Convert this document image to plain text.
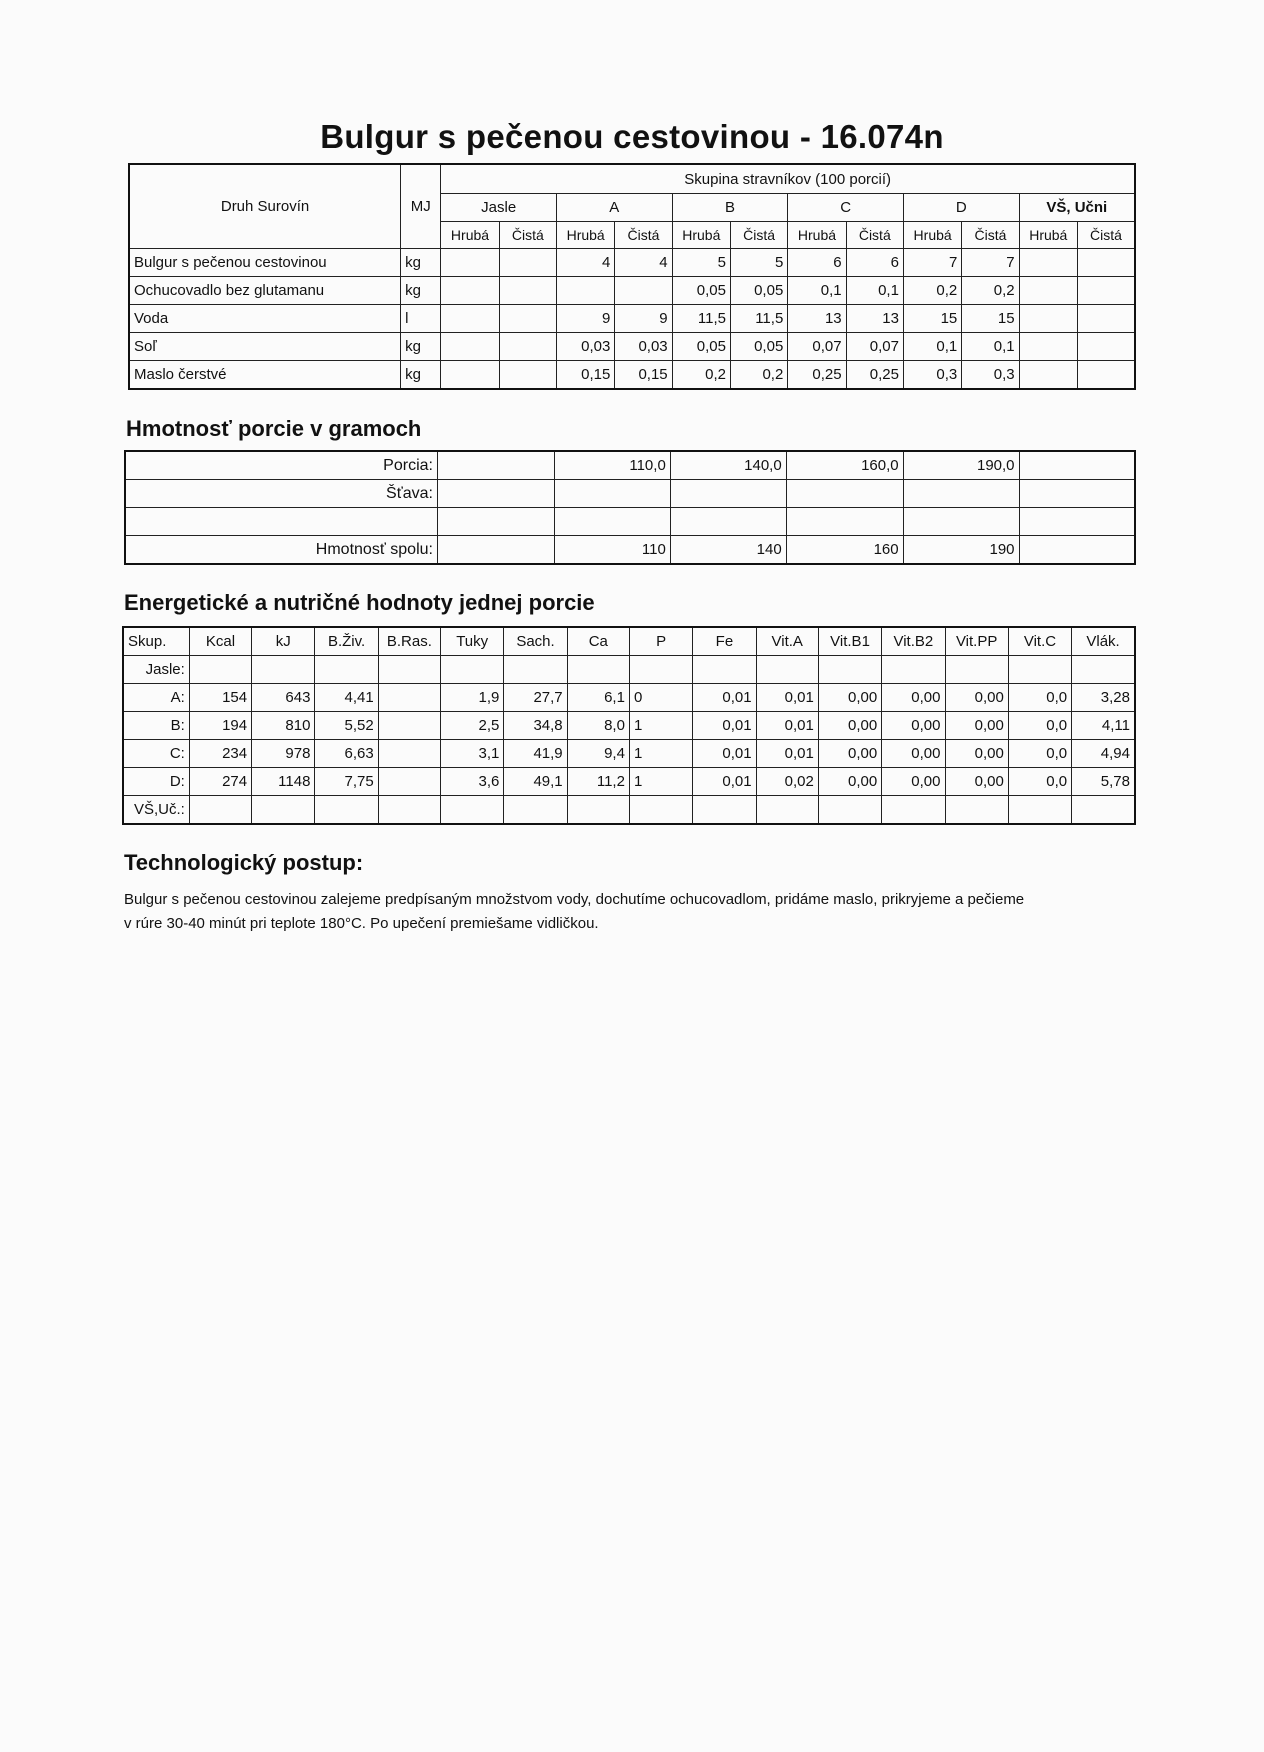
Bulgur s pečenou cestovinou - 16.074n
Druh Surovín	MJ	Skupina stravníkov (100 porcií)											
		Jasle		A		B		C		D		VŠ, Učni	
		Hrubá	Čistá	Hrubá	Čistá	Hrubá	Čistá	Hrubá	Čistá	Hrubá	Čistá	Hrubá	Čistá
Bulgur s pečenou cestovinou	kg			4	4	5	5	6	6	7	7		
Ochucovadlo bez glutamanu	kg					0,05	0,05	0,1	0,1	0,2	0,2		
Voda	l			9	9	11,5	11,5	13	13	15	15		
Soľ	kg			0,03	0,03	0,05	0,05	0,07	0,07	0,1	0,1		
Maslo čerstvé	kg			0,15	0,15	0,2	0,2	0,25	0,25	0,3	0,3		
Hmotnosť porcie v gramoch
Porcia:		110,0	140,0	160,0	190,0	
Šťava:						

Hmotnosť spolu:		110	140	160	190	
Energetické a nutričné hodnoty jednej porcie
Skup.	Kcal	kJ	B.Živ.	B.Ras.	Tuky	Sach.	Ca	P	Fe	Vit.A	Vit.B1	Vit.B2	Vit.PP	Vit.C	Vlák.
Jasle:															
A:	154	643	4,41		1,9	27,7	6,1	0	0,01	0,01	0,00	0,00	0,00	0,0	3,28
B:	194	810	5,52		2,5	34,8	8,0	1	0,01	0,01	0,00	0,00	0,00	0,0	4,11
C:	234	978	6,63		3,1	41,9	9,4	1	0,01	0,01	0,00	0,00	0,00	0,0	4,94
D:	274	1148	7,75		3,6	49,1	11,2	1	0,01	0,02	0,00	0,00	0,00	0,0	5,78
VŠ,Uč.:															
Technologický postup:
Bulgur s pečenou cestovinou zalejeme predpísaným množstvom vody, dochutíme ochucovadlom, pridáme maslo, prikryjeme a pečieme
v rúre 30-40 minút pri teplote 180°C. Po upečení premiešame vidličkou.
